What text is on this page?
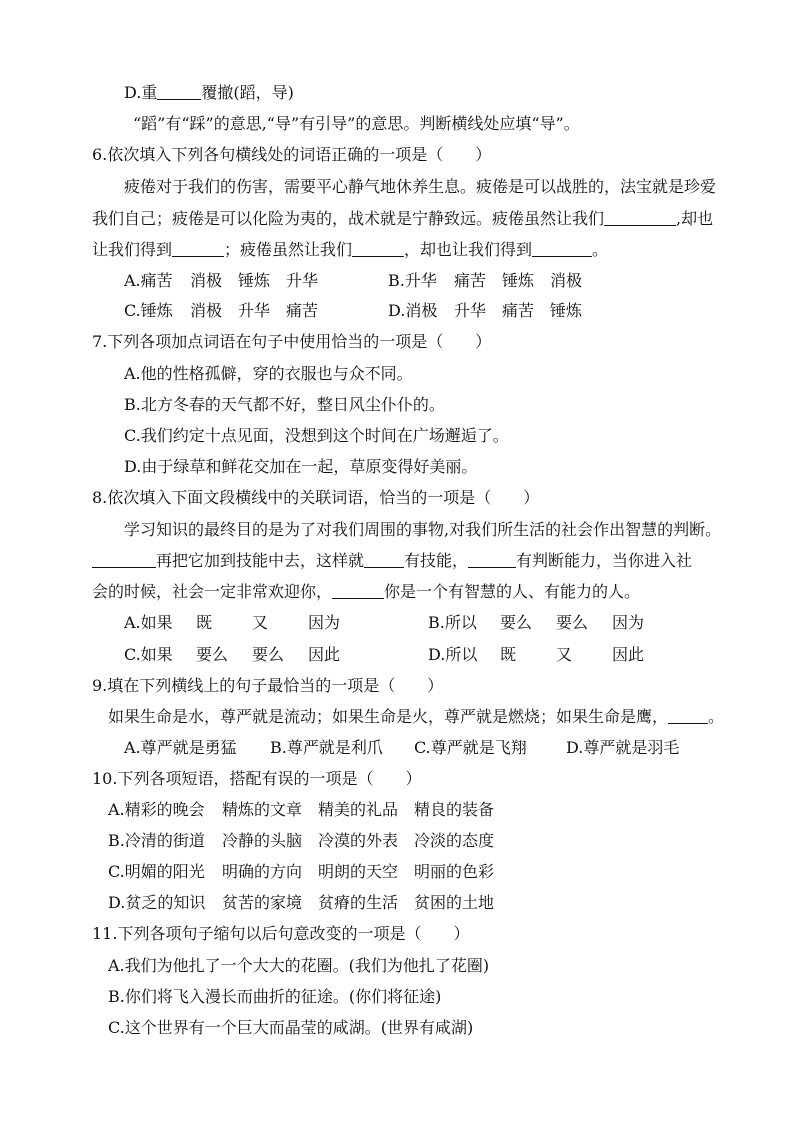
D.重	覆撤(蹈，导)
“蹈”有“踩”的意思,“导”有引导”的意思。判断横线处应填“导”。
6.依次填入下列各句横线处的词语正确的一项是（　　）
疲倦对于我们的伤害，需要平心静气地休养生息。疲倦是可以战胜的，法宝就是珍爱
我们自己；疲倦是可以化险为夷的，战术就是宁静致远。疲倦虽然让我们	,却也
让我们得到	；疲倦虽然让我们	，却也让我们得到	。
A.痛苦 消极 锤炼 升华	B.升华 痛苦 锤炼 消极
C.锤炼 消极 升华 痛苦	D.消极 升华 痛苦 锤炼
7.下列各项加点词语在句子中使用恰当的一项是（　　）
A.他的性格孤僻，穿的衣服也与众不同。
B.北方冬春的天气都不好，整日风尘仆仆的。
C.我们约定十点见面，没想到这个时间在广场邂逅了。
D.由于绿草和鲜花交加在一起，草原变得好美丽。
8.依次填入下面文段横线中的关联词语，恰当的一项是（　　）
学习知识的最终目的是为了对我们周围的事物,对我们所生活的社会作出智慧的判断。
再把它加到技能中去，这样就	有技能，	有判断能力，当你进入社
会的时候，社会一定非常欢迎你，	你是一个有智慧的人、有能力的人。
A.如果 既 又 因为	B.所以 要么 要么 因为
C.如果 要么 要么 因此	D.所以 既 又 因此
9.填在下列横线上的句子最恰当的一项是（　　）
如果生命是水，尊严就是流动；如果生命是火，尊严就是燃烧；如果生命是鹰，	。
A.尊严就是勇猛 B.尊严就是利爪 C.尊严就是飞翔 D.尊严就是羽毛
10.下列各项短语，搭配有误的一项是（　　）
A.精彩的晚会 精炼的文章 精美的礼品 精良的装备
B.冷清的街道 冷静的头脑 冷漠的外表 冷淡的态度
C.明媚的阳光 明确的方向 明朗的天空 明丽的色彩
D.贫乏的知识 贫苦的家境 贫瘠的生活 贫困的土地
11.下列各项句子缩句以后句意改变的一项是（　　）
A.我们为他扎了一个大大的花圈。(我们为他扎了花圈)
B.你们将飞入漫长而曲折的征途。(你们将征途)
C.这个世界有一个巨大而晶莹的咸湖。(世界有咸湖)
